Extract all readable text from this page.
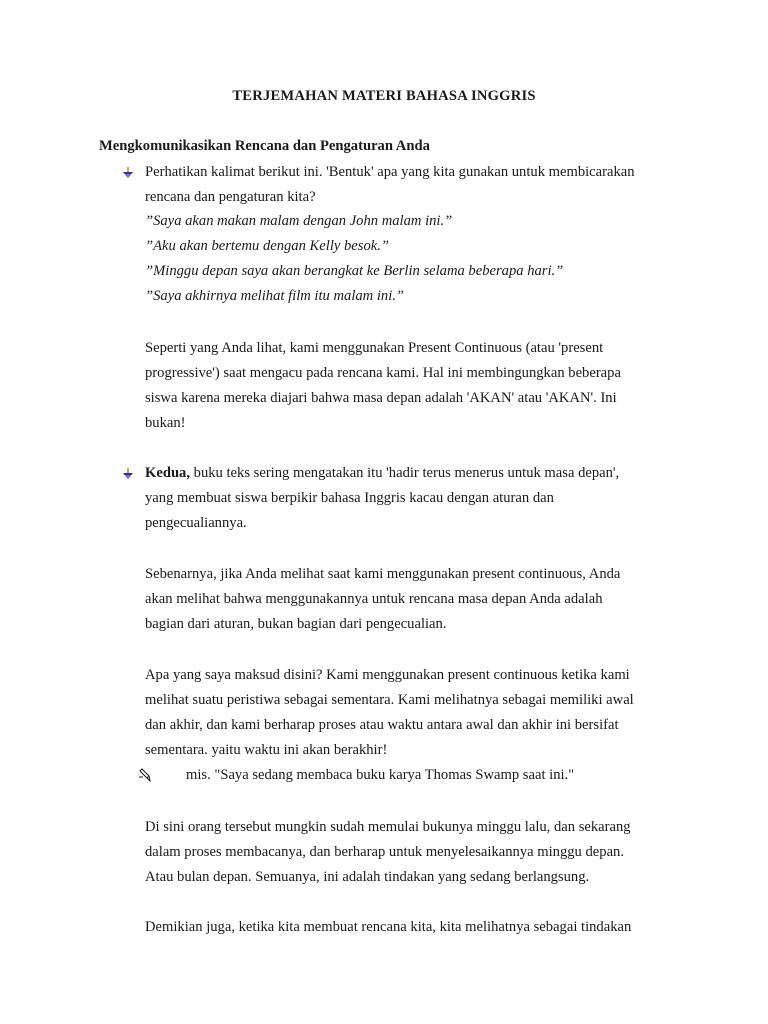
TERJEMAHAN MATERI BAHASA INGGRIS
Mengkomunikasikan Rencana dan Pengaturan Anda
Perhatikan kalimat berikut ini. 'Bentuk' apa yang kita gunakan untuk membicarakan
rencana dan pengaturan kita?
”Saya akan makan malam dengan John malam ini.”
”Aku akan bertemu dengan Kelly besok.”
”Minggu depan saya akan berangkat ke Berlin selama beberapa hari.”
”Saya akhirnya melihat film itu malam ini.”
Seperti yang Anda lihat, kami menggunakan Present Continuous (atau 'present
progressive') saat mengacu pada rencana kami. Hal ini membingungkan beberapa
siswa karena mereka diajari bahwa masa depan adalah 'AKAN' atau 'AKAN'. Ini
bukan!
Kedua, buku teks sering mengatakan itu 'hadir terus menerus untuk masa depan',
yang membuat siswa berpikir bahasa Inggris kacau dengan aturan dan
pengecualiannya.
Sebenarnya, jika Anda melihat saat kami menggunakan present continuous, Anda
akan melihat bahwa menggunakannya untuk rencana masa depan Anda adalah
bagian dari aturan, bukan bagian dari pengecualian.
Apa yang saya maksud disini? Kami menggunakan present continuous ketika kami
melihat suatu peristiwa sebagai sementara. Kami melihatnya sebagai memiliki awal
dan akhir, dan kami berharap proses atau waktu antara awal dan akhir ini bersifat
sementara. yaitu waktu ini akan berakhir!
mis. "Saya sedang membaca buku karya Thomas Swamp saat ini."
Di sini orang tersebut mungkin sudah memulai bukunya minggu lalu, dan sekarang
dalam proses membacanya, dan berharap untuk menyelesaikannya minggu depan.
Atau bulan depan. Semuanya, ini adalah tindakan yang sedang berlangsung.
Demikian juga, ketika kita membuat rencana kita, kita melihatnya sebagai tindakan
